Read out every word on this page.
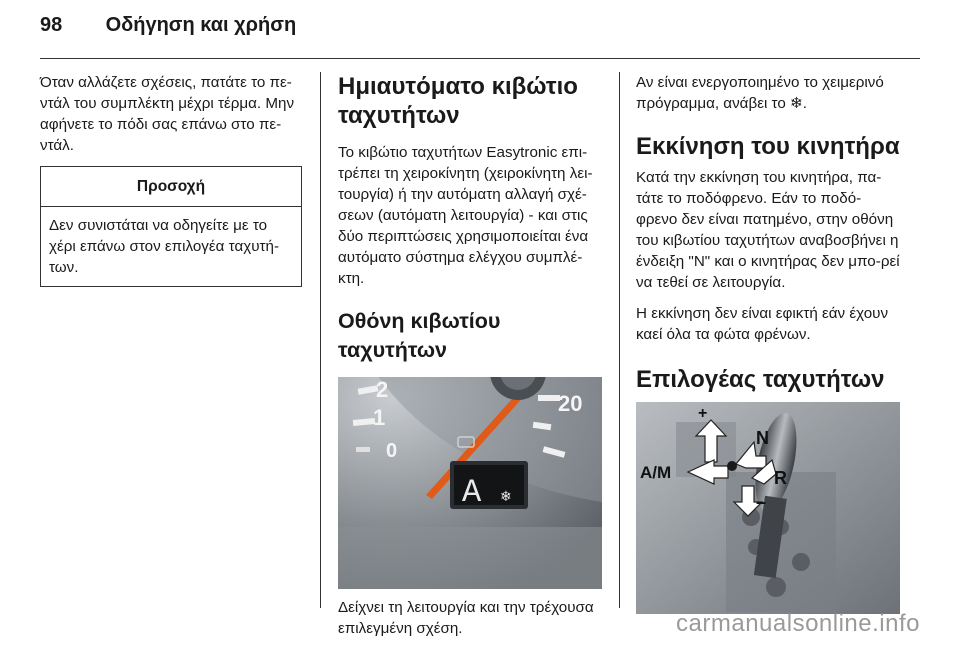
98 Οδήγηση και χρήση

Όταν αλλάζετε σχέσεις, πατάτε το πε-ντάλ του συμπλέκτη μέχρι τέρμα. Μην αφήνετε το πόδι σας επάνω στο πε-ντάλ.

Προσοχή
Δεν συνιστάται να οδηγείτε με το χέρι επάνω στον επιλογέα ταχυτή-των.
Ημιαυτόματο κιβώτιο ταχυτήτων

Το κιβώτιο ταχυτήτων Easytronic επι-τρέπει τη χειροκίνητη (χειροκίνητη λει-τουργία) ή την αυτόματη αλλαγή σχέ-σεων (αυτόματη λειτουργία) - και στις δύο περιπτώσεις χρησιμοποιείται ένα αυτόματο σύστημα ελέγχου συμπλέ-κτη.

Οθόνη κιβωτίου ταχυτήτων
2
1
0
20
A ❄

Δείχνει τη λειτουργία και την τρέχουσα επιλεγμένη σχέση.

Αν είναι ενεργοποιημένο το χειμερινό πρόγραμμα, ανάβει το ❄.

Εκκίνηση του κινητήρα

Κατά την εκκίνηση του κινητήρα, πα-τάτε το ποδόφρενο. Εάν το ποδό-φρενο δεν είναι πατημένο, στην οθόνη του κιβωτίου ταχυτήτων αναβοσβήνει η ένδειξη "N" και ο κινητήρας δεν μπο-ρεί να τεθεί σε λειτουργία.

Η εκκίνηση δεν είναι εφικτή εάν έχουν καεί όλα τα φώτα φρένων.

Επιλογέας ταχυτήτων
+
N
A/M	R
–
carmanualsonline.info
